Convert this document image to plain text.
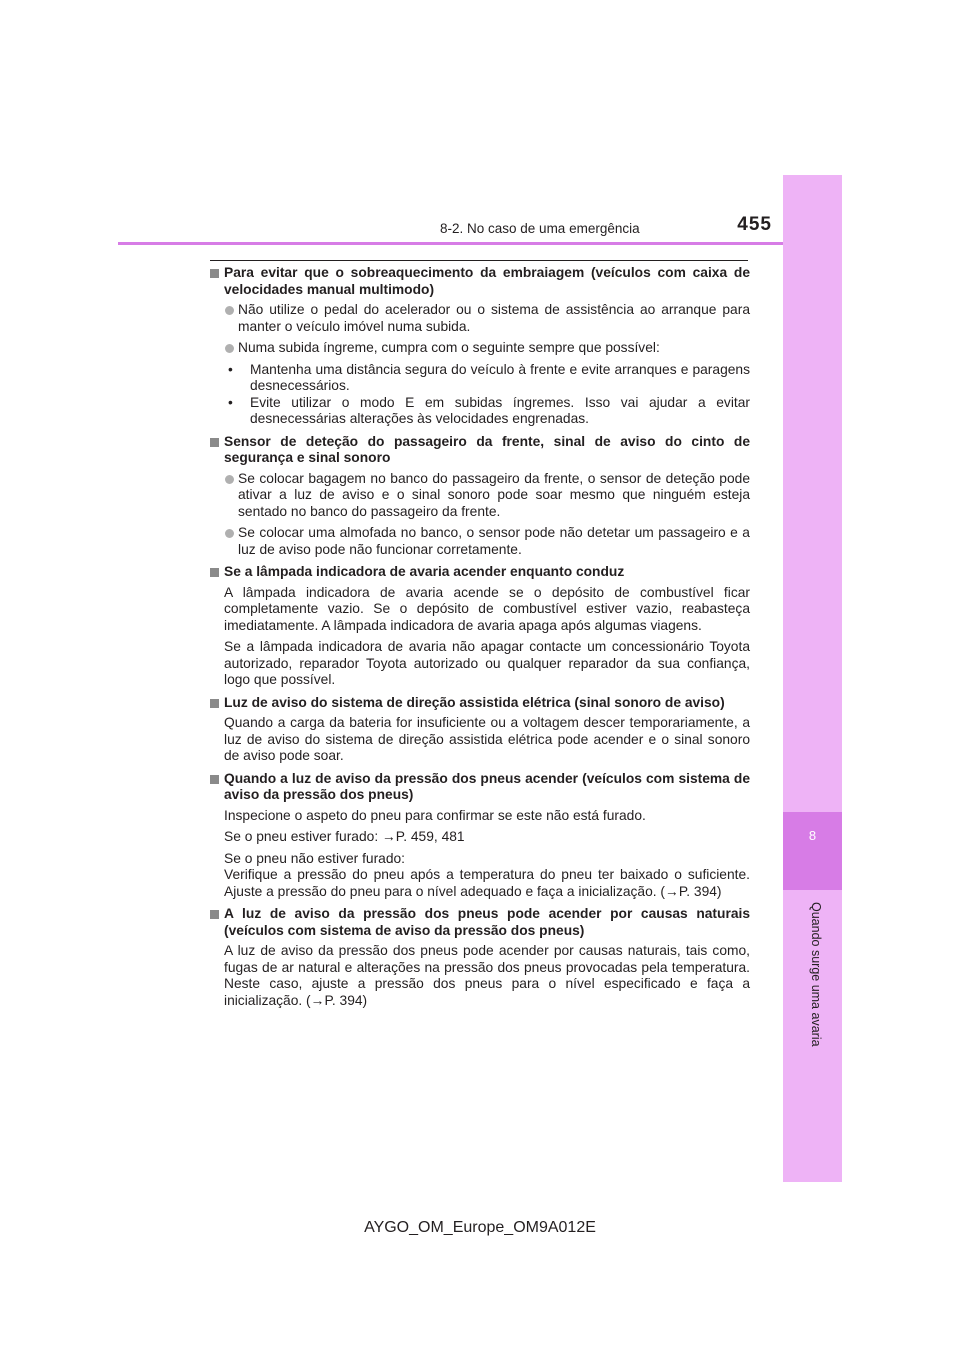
8
Quando surge uma avaria
8-2. No caso de uma emergência	455
Para evitar que o sobreaquecimento da embraiagem (veículos com caixa de velocidades manual multimodo)
Não utilize o pedal do acelerador ou o sistema de assistência ao arranque para manter o veículo imóvel numa subida.
Numa subida íngreme, cumpra com o seguinte sempre que possível:
• Mantenha uma distância segura do veículo à frente e evite arranques e paragens desnecessários.
• Evite utilizar o modo E em subidas íngremes. Isso vai ajudar a evitar desnecessárias alterações às velocidades engrenadas.
Sensor de deteção do passageiro da frente, sinal de aviso do cinto de segurança e sinal sonoro
Se colocar bagagem no banco do passageiro da frente, o sensor de deteção pode ativar a luz de aviso e o sinal sonoro pode soar mesmo que ninguém esteja sentado no banco do passageiro da frente.
Se colocar uma almofada no banco, o sensor pode não detetar um passageiro e a luz de aviso pode não funcionar corretamente.
Se a lâmpada indicadora de avaria acender enquanto conduz
A lâmpada indicadora de avaria acende se o depósito de combustível ficar completamente vazio. Se o depósito de combustível estiver vazio, reabasteça imediatamente. A lâmpada indicadora de avaria apaga após algumas viagens.
Se a lâmpada indicadora de avaria não apagar contacte um concessionário Toyota autorizado, reparador Toyota autorizado ou qualquer reparador da sua confiança, logo que possível.
Luz de aviso do sistema de direção assistida elétrica (sinal sonoro de aviso)
Quando a carga da bateria for insuficiente ou a voltagem descer temporariamente, a luz de aviso do sistema de direção assistida elétrica pode acender e o sinal sonoro de aviso pode soar.
Quando a luz de aviso da pressão dos pneus acender (veículos com sistema de aviso da pressão dos pneus)
Inspecione o aspeto do pneu para confirmar se este não está furado.
Se o pneu estiver furado: →P. 459, 481
Se o pneu não estiver furado:
Verifique a pressão do pneu após a temperatura do pneu ter baixado o suficiente. Ajuste a pressão do pneu para o nível adequado e faça a inicialização. (→P. 394)
A luz de aviso da pressão dos pneus pode acender por causas naturais (veículos com sistema de aviso da pressão dos pneus)
A luz de aviso da pressão dos pneus pode acender por causas naturais, tais como, fugas de ar natural e alterações na pressão dos pneus provocadas pela temperatura. Neste caso, ajuste a pressão dos pneus para o nível especificado e faça a inicialização. (→P. 394)
AYGO_OM_Europe_OM9A012E
